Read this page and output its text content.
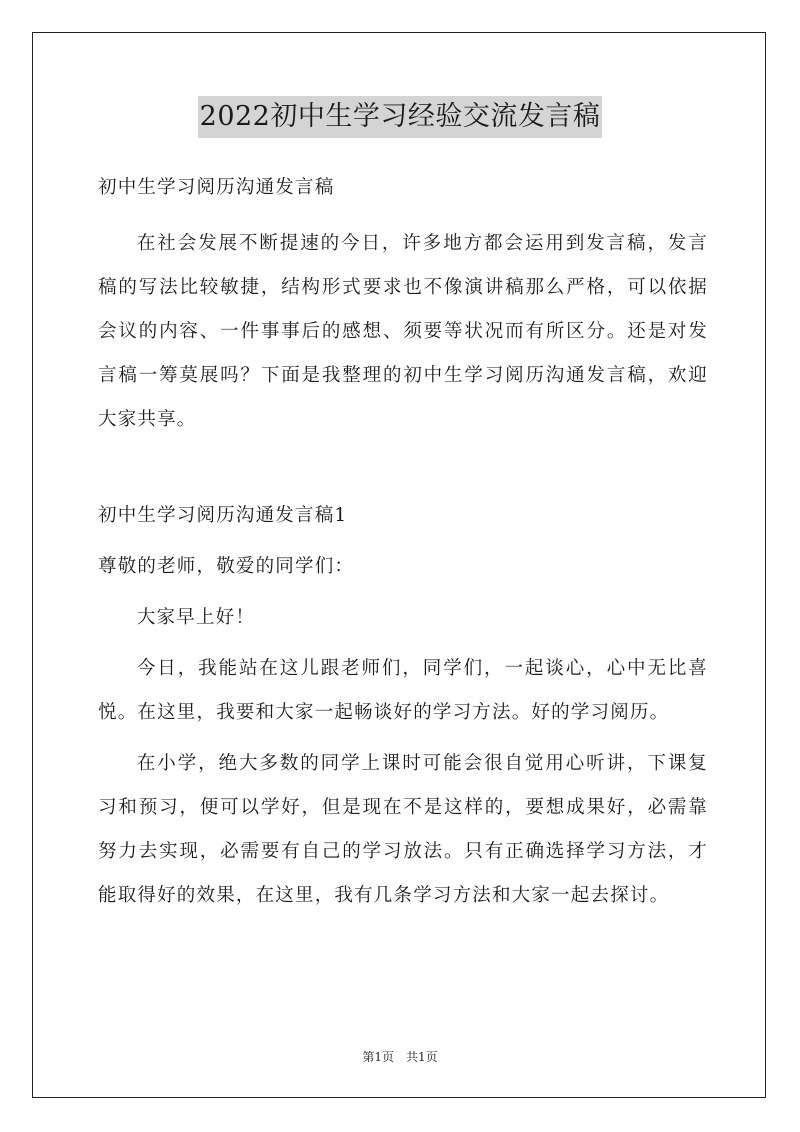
2022初中生学习经验交流发言稿

初中生学习阅历沟通发言稿

在社会发展不断提速的今日，许多地方都会运用到发言稿，发言稿的写法比较敏捷，结构形式要求也不像演讲稿那么严格，可以依据会议的内容、一件事事后的感想、须要等状况而有所区分。还是对发言稿一筹莫展吗？下面是我整理的初中生学习阅历沟通发言稿，欢迎大家共享。

初中生学习阅历沟通发言稿1

尊敬的老师，敬爱的同学们：

大家早上好！

今日，我能站在这儿跟老师们，同学们，一起谈心，心中无比喜悦。在这里，我要和大家一起畅谈好的学习方法。好的学习阅历。

在小学，绝大多数的同学上课时可能会很自觉用心听讲，下课复习和预习，便可以学好，但是现在不是这样的，要想成果好，必需靠努力去实现，必需要有自己的学习放法。只有正确选择学习方法，才能取得好的效果，在这里，我有几条学习方法和大家一起去探讨。

第1页　共1页
